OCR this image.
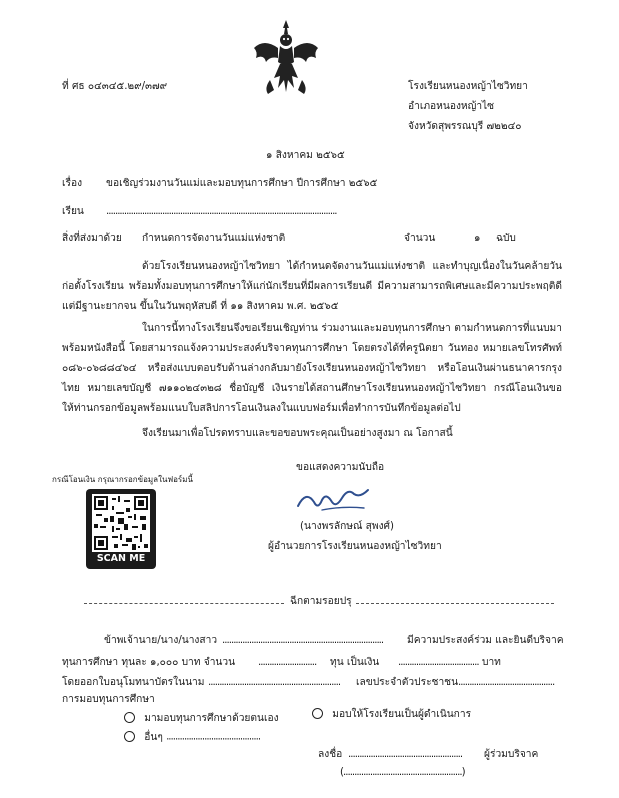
ที่ ศธ ๐๔๓๔๕.๒๙/๓๗๙	โรงเรียนหนองหญ้าไซวิทยา
อำเภอหนองหญ้าไซ
จังหวัดสุพรรณบุรี ๗๒๒๔๐
๑ สิงหาคม ๒๕๖๕
เรื่อง ขอเชิญร่วมงานวันแม่และมอบทุนการศึกษา ปีการศึกษา ๒๕๖๕
เรียน .......................................................................................................
สิ่งที่ส่งมาด้วย กำหนดการจัดงานวันแม่แห่งชาติ	จำนวน	๑ ฉบับ
ด้วยโรงเรียนหนองหญ้าไซวิทยา ได้กำหนดจัดงานวันแม่แห่งชาติ และทำบุญเนื่องในวันคล้ายวันก่อตั้งโรงเรียน พร้อมทั้งมอบทุนการศึกษาให้แก่นักเรียนที่มีผลการเรียนดี มีความสามารถพิเศษและมีความประพฤติดี แต่มีฐานะยากจน ขึ้นในวันพฤหัสบดี ที่ ๑๑ สิงหาคม พ.ศ. ๒๕๖๕
ในการนี้ทางโรงเรียนจึงขอเรียนเชิญท่าน ร่วมงานและมอบทุนการศึกษา ตามกำหนดการที่แนบมาพร้อมหนังสือนี้ โดยสามารถแจ้งความประสงค์บริจาคทุนการศึกษา โดยตรงได้ที่ครูนิตยา วันทอง หมายเลขโทรศัพท์ ๐๘๖-๐๖๘๘๔๖๔ หรือส่งแบบตอบรับด้านล่างกลับมายังโรงเรียนหนองหญ้าไซวิทยา หรือโอนเงินผ่านธนาคารกรุงไทย หมายเลขบัญชี ๗๑๑๐๒๔๓๒๘ ชื่อบัญชี เงินรายได้สถานศึกษาโรงเรียนหนองหญ้าไซวิทยา กรณีโอนเงินขอให้ท่านกรอกข้อมูลพร้อมแนบใบสลิปการโอนเงินลงในแบบฟอร์มเพื่อทำการบันทึกข้อมูลต่อไป
จึงเรียนมาเพื่อโปรดทราบและขอขอบพระคุณเป็นอย่างสูงมา ณ โอกาสนี้
ขอแสดงความนับถือ
(นางพรลักษณ์ สุพงศ์)
ผู้อำนวยการโรงเรียนหนองหญ้าไซวิทยา
กรณีโอนเงิน กรุณากรอกข้อมูลในฟอร์มนี้
SCAN ME
ฉีกตามรอยปรุ
ข้าพเจ้านาย/นาง/นางสาว ........................................................................ มีความประสงค์ร่วม และยินดีบริจาค
ทุนการศึกษา ทุนละ ๑,๐๐๐ บาท จำนวน .......................... ทุน เป็นเงิน .................................... บาท
โดยออกใบอนุโมทนาบัตรในนาม ........................................................... เลขประจำตัวประชาชน ...........................................
การมอบทุนการศึกษา
มามอบทุนการศึกษาด้วยตนเอง	มอบให้โรงเรียนเป็นผู้ดำเนินการ
อื่นๆ ..........................................
ลงชื่อ ................................................... ผู้ร่วมบริจาค
(.....................................................)
